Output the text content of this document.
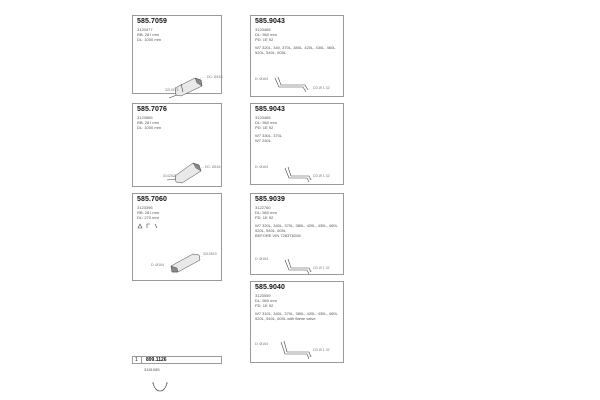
585.7059
3120477
RB: 28 l mm
DL: 1000 mm
3210171
DC: Ø164
585.7076
3123565
RB: 28 l mm
DL: 1000 mm
3142521
DC: Ø164
585.7060
3123396
RB: 28 l mm
DL: 270 mm
D: Ø164
3210519
585.9043
3123465
DL: 560 mm
PD: 1E 92
W7 320L, 340, 370L, 380L, 420L, 430L, 460L
520L, 540L, 600L
D: Ø164
CD Ø 1 32
585.9043
3123465
DL: 560 mm
PD: 1E 92
W7 330L, 370L
W7 240L
D: Ø164
CD Ø 1 32
585.9039
3122760
DL: 560 mm
PD: 1E 92
W7 320L, 340L, 370L, 380L, 420L, 430L, 460L
520L, 540L, 600L
BEFORE VIN 7283T8208
D: Ø164
CD Ø 1 32
585.9040
3123059
DL: 560 mm
PD: 1E 92
W7 310L, 340L, 370L, 380L, 420L, 430L, 460L
520L, 540L, 600L with flame valve
D: Ø164
CD Ø 1 32
1 899.1126
3181085
